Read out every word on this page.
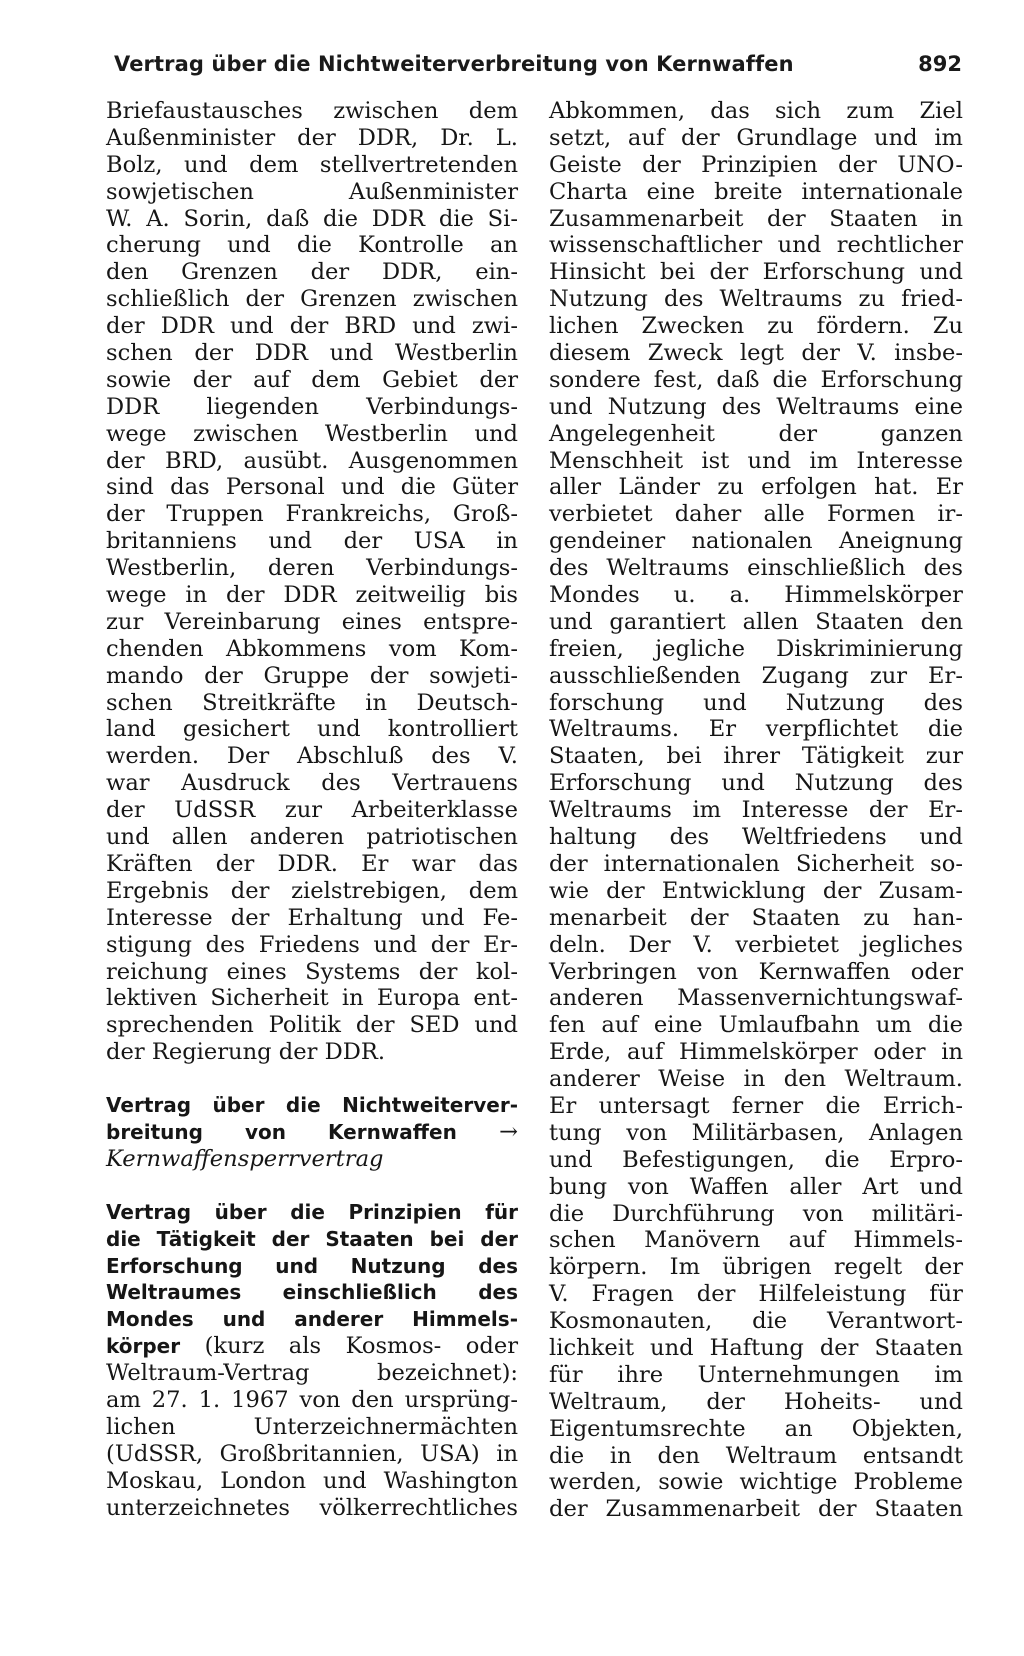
Vertrag über die Nichtweiterverbreitung von Kernwaffen	892
Briefaustausches zwischen dem
Außenminister der DDR, Dr. L.
Bolz, und dem stellvertretenden
sowjetischen Außenminister
W. A. Sorin, daß die DDR die Si-
cherung und die Kontrolle an
den Grenzen der DDR, ein-
schließlich der Grenzen zwischen
der DDR und der BRD und zwi-
schen der DDR und Westberlin
sowie der auf dem Gebiet der
DDR liegenden Verbindungs-
wege zwischen Westberlin und
der BRD, ausübt. Ausgenommen
sind das Personal und die Güter
der Truppen Frankreichs, Groß-
britanniens und der USA in
Westberlin, deren Verbindungs-
wege in der DDR zeitweilig bis
zur Vereinbarung eines entspre-
chenden Abkommens vom Kom-
mando der Gruppe der sowjeti-
schen Streitkräfte in Deutsch-
land gesichert und kontrolliert
werden. Der Abschluß des V.
war Ausdruck des Vertrauens
der UdSSR zur Arbeiterklasse
und allen anderen patriotischen
Kräften der DDR. Er war das
Ergebnis der zielstrebigen, dem
Interesse der Erhaltung und Fe-
stigung des Friedens und der Er-
reichung eines Systems der kol-
lektiven Sicherheit in Europa ent-
sprechenden Politik der SED und
der Regierung der DDR.
Vertrag über die Nichtweiterver-
breitung von Kernwaffen →
Kernwaffensperrvertrag
Vertrag über die Prinzipien für
die Tätigkeit der Staaten bei der
Erforschung und Nutzung des
Weltraumes einschließlich des
Mondes und anderer Himmels-
körper (kurz als Kosmos- oder
Weltraum-Vertrag bezeichnet):
am 27. 1. 1967 von den ursprüng-
lichen Unterzeichnermächten
(UdSSR, Großbritannien, USA) in
Moskau, London und Washington
unterzeichnetes völkerrechtliches
Abkommen, das sich zum Ziel
setzt, auf der Grundlage und im
Geiste der Prinzipien der UNO-
Charta eine breite internationale
Zusammenarbeit der Staaten in
wissenschaftlicher und rechtlicher
Hinsicht bei der Erforschung und
Nutzung des Weltraums zu fried-
lichen Zwecken zu fördern. Zu
diesem Zweck legt der V. insbe-
sondere fest, daß die Erforschung
und Nutzung des Weltraums eine
Angelegenheit der ganzen
Menschheit ist und im Interesse
aller Länder zu erfolgen hat. Er
verbietet daher alle Formen ir-
gendeiner nationalen Aneignung
des Weltraums einschließlich des
Mondes u. a. Himmelskörper
und garantiert allen Staaten den
freien, jegliche Diskriminierung
ausschließenden Zugang zur Er-
forschung und Nutzung des
Weltraums. Er verpflichtet die
Staaten, bei ihrer Tätigkeit zur
Erforschung und Nutzung des
Weltraums im Interesse der Er-
haltung des Weltfriedens und
der internationalen Sicherheit so-
wie der Entwicklung der Zusam-
menarbeit der Staaten zu han-
deln. Der V. verbietet jegliches
Verbringen von Kernwaffen oder
anderen Massenvernichtungswaf-
fen auf eine Umlaufbahn um die
Erde, auf Himmelskörper oder in
anderer Weise in den Weltraum.
Er untersagt ferner die Errich-
tung von Militärbasen, Anlagen
und Befestigungen, die Erpro-
bung von Waffen aller Art und
die Durchführung von militäri-
schen Manövern auf Himmels-
körpern. Im übrigen regelt der
V. Fragen der Hilfeleistung für
Kosmonauten, die Verantwort-
lichkeit und Haftung der Staaten
für ihre Unternehmungen im
Weltraum, der Hoheits- und
Eigentumsrechte an Objekten,
die in den Weltraum entsandt
werden, sowie wichtige Probleme
der Zusammenarbeit der Staaten
